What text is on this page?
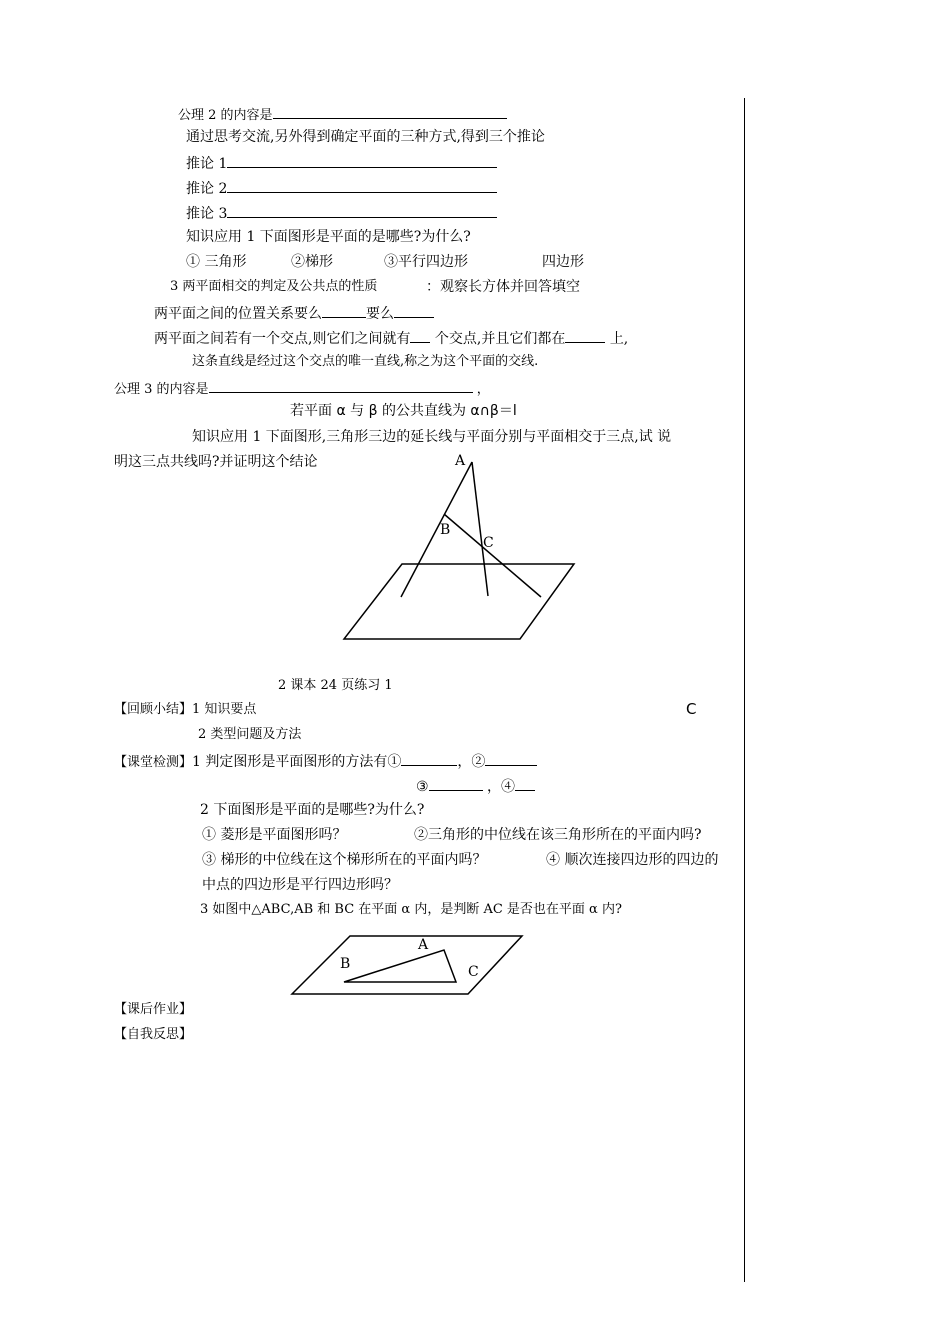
公理 2 的内容是
通过思考交流,另外得到确定平面的三种方式,得到三个推论
推论 1
推论 2
推论 3
知识应用 1 下面图形是平面的是哪些?为什么?
① 三角形	②梯形	③平行四边形	四边形
3 两平面相交的判定及公共点的性质	：观察长方体并回答填空
两平面之间的位置关系要么	要么
两平面之间若有一个交点,则它们之间就有 个交点,并且它们都在	上,
这条直线是经过这个交点的唯一直线,称之为这个平面的交线.
公理 3 的内容是	，
若平面 α 与 β 的公共直线为 α∩β＝l
知识应用 1 下面图形,三角形三边的延长线与平面分别与平面相交于三点,试 说
明这三点共线吗?并证明这个结论	A
B
C
2 课本 24 页练习 1
【回顾小结】1 知识要点	C
2 类型问题及方法
【课堂检测】1 判定图形是平面图形的方法有①	，②
③	，④
2 下面图形是平面的是哪些?为什么?
① 菱形是平面图形吗？	②三角形的中位线在该三角形所在的平面内吗?
③ 梯形的中位线在这个梯形所在的平面内吗？	④ 顺次连接四边形的四边的
中点的四边形是平行四边形吗？
3 如图中△ABC,AB 和 BC 在平面 α 内，是判断 AC 是否也在平面 α 内?
A
B	C
【课后作业】
【自我反思】
